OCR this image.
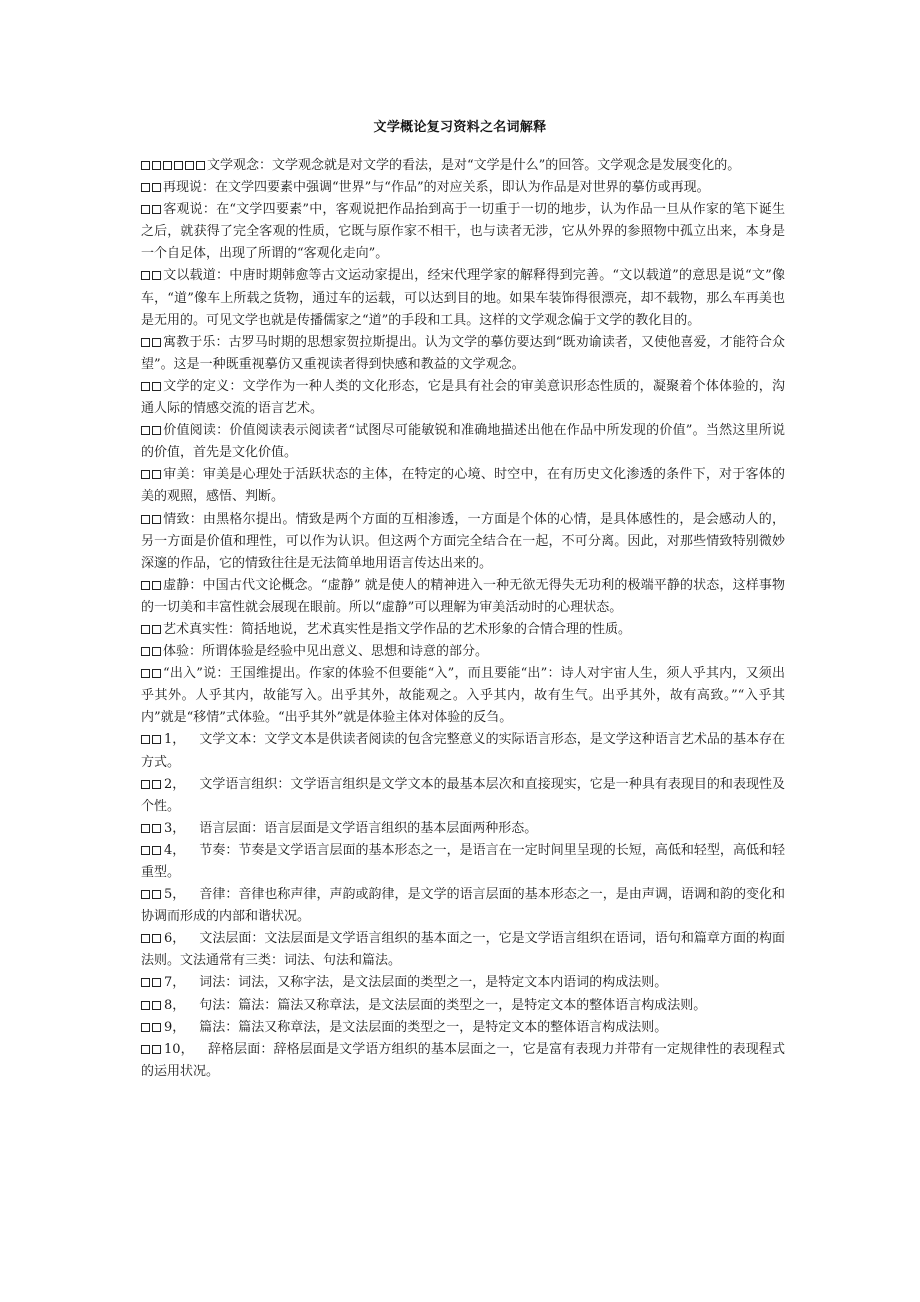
文学概论复习资料之名词解释

文学观念：文学观念就是对文学的看法，是对“文学是什么”的回答。文学观念是发展变化的。

再现说：在文学四要素中强调“世界”与“作品”的对应关系，即认为作品是对世界的摹仿或再现。

客观说：在“文学四要素”中，客观说把作品抬到高于一切重于一切的地步，认为作品一旦从作家的笔下诞生之后，就获得了完全客观的性质，它既与原作家不相干，也与读者无涉，它从外界的参照物中孤立出来，本身是一个自足体，出现了所谓的“客观化走向”。

文以载道：中唐时期韩愈等古文运动家提出，经宋代理学家的解释得到完善。“文以载道”的意思是说“文”像车，“道”像车上所载之货物，通过车的运载，可以达到目的地。如果车装饰得很漂亮，却不载物，那么车再美也是无用的。可见文学也就是传播儒家之“道”的手段和工具。这样的文学观念偏于文学的教化目的。

寓教于乐：古罗马时期的思想家贺拉斯提出。认为文学的摹仿要达到“既劝谕读者，又使他喜爱，才能符合众望”。这是一种既重视摹仿又重视读者得到快感和教益的文学观念。

文学的定义：文学作为一种人类的文化形态，它是具有社会的审美意识形态性质的，凝聚着个体体验的，沟通人际的情感交流的语言艺术。

价值阅读：价值阅读表示阅读者“试图尽可能敏锐和准确地描述出他在作品中所发现的价值”。当然这里所说的价值，首先是文化价值。

审美：审美是心理处于活跃状态的主体，在特定的心境、时空中，在有历史文化渗透的条件下，对于客体的美的观照，感悟、判断。

情致：由黑格尔提出。情致是两个方面的互相渗透，一方面是个体的心情，是具体感性的，是会感动人的，另一方面是价值和理性，可以作为认识。但这两个方面完全结合在一起，不可分离。因此，对那些情致特别微妙深邃的作品，它的情致往往是无法简单地用语言传达出来的。

虚静：中国古代文论概念。“虚静” 就是使人的精神进入一种无欲无得失无功利的极端平静的状态，这样事物的一切美和丰富性就会展现在眼前。所以“虚静”可以理解为审美活动时的心理状态。

艺术真实性：简括地说，艺术真实性是指文学作品的艺术形象的合情合理的性质。

体验：所谓体验是经验中见出意义、思想和诗意的部分。

“出入”说：王国维提出。作家的体验不但要能“入”，而且要能“出”：诗人对宇宙人生，须人乎其内，又须出乎其外。人乎其内，故能写入。出乎其外，故能观之。入乎其内，故有生气。出乎其外，故有高致。”“入乎其内”就是“移情”式体验。“出乎其外”就是体验主体对体验的反刍。

1， 文学文本：文学文本是供读者阅读的包含完整意义的实际语言形态，是文学这种语言艺术品的基本存在方式。

2， 文学语言组织：文学语言组织是文学文本的最基本层次和直接现实，它是一种具有表现目的和表现性及个性。

3， 语言层面：语言层面是文学语言组织的基本层面两种形态。

4， 节奏：节奏是文学语言层面的基本形态之一，是语言在一定时间里呈现的长短，高低和轻型，高低和轻重型。

5， 音律：音律也称声律，声韵或韵律，是文学的语言层面的基本形态之一，是由声调，语调和韵的变化和协调而形成的内部和谐状况。

6， 文法层面：文法层面是文学语言组织的基本面之一，它是文学语言组织在语词，语句和篇章方面的构面法则。文法通常有三类：词法、句法和篇法。

7， 词法：词法，又称字法，是文法层面的类型之一，是特定文本内语词的构成法则。

8， 句法：篇法：篇法又称章法，是文法层面的类型之一，是特定文本的整体语言构成法则。

9， 篇法：篇法又称章法，是文法层面的类型之一，是特定文本的整体语言构成法则。

10， 辞格层面：辞格层面是文学语方组织的基本层面之一，它是富有表现力并带有一定规律性的表现程式的运用状况。
